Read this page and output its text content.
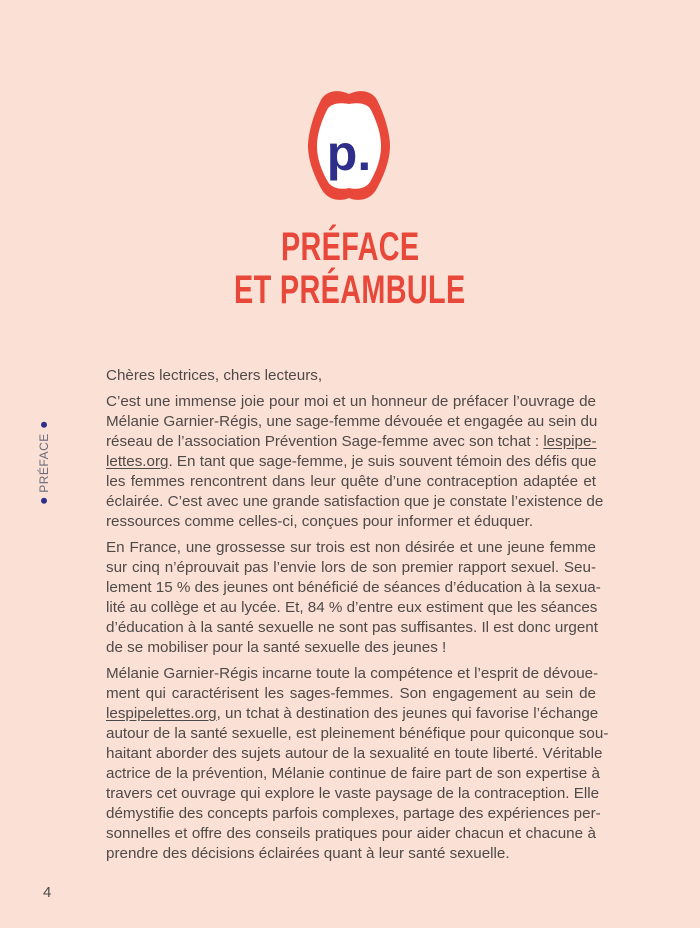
p.
PRÉFACE
ET PRÉAMBULE
PRÉFACE
Chères lectrices, chers lecteurs,
C’est une immense joie pour moi et un honneur de préfacer l’ouvrage de
Mélanie Garnier-Régis, une sage-femme dévouée et engagée au sein du
réseau de l’association Prévention Sage-femme avec son tchat : lespipe-
lettes.org. En tant que sage-femme, je suis souvent témoin des défis que
les femmes rencontrent dans leur quête d’une contraception adaptée et
éclairée. C’est avec une grande satisfaction que je constate l’existence de
ressources comme celles-ci, conçues pour informer et éduquer.
En France, une grossesse sur trois est non désirée et une jeune femme
sur cinq n’éprouvait pas l’envie lors de son premier rapport sexuel. Seu-
lement 15 % des jeunes ont bénéficié de séances d’éducation à la sexua-
lité au collège et au lycée. Et, 84 % d’entre eux estiment que les séances
d’éducation à la santé sexuelle ne sont pas suffisantes. Il est donc urgent
de se mobiliser pour la santé sexuelle des jeunes !
Mélanie Garnier-Régis incarne toute la compétence et l’esprit de dévoue-
ment qui caractérisent les sages-femmes. Son engagement au sein de
lespipelettes.org, un tchat à destination des jeunes qui favorise l’échange
autour de la santé sexuelle, est pleinement bénéfique pour quiconque sou-
haitant aborder des sujets autour de la sexualité en toute liberté. Véritable
actrice de la prévention, Mélanie continue de faire part de son expertise à
travers cet ouvrage qui explore le vaste paysage de la contraception. Elle
démystifie des concepts parfois complexes, partage des expériences per-
sonnelles et offre des conseils pratiques pour aider chacun et chacune à
prendre des décisions éclairées quant à leur santé sexuelle.
4
